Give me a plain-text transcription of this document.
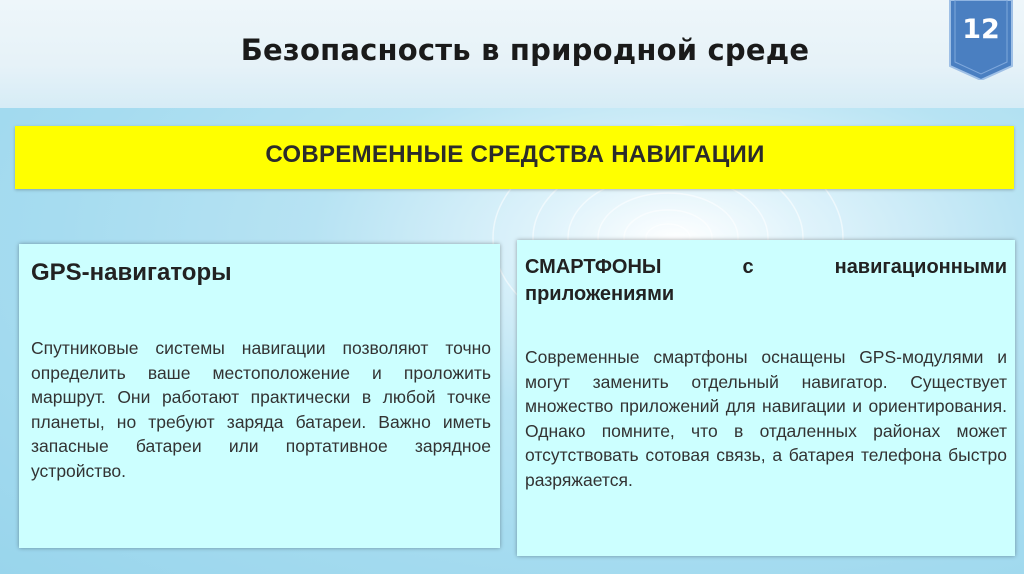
Безопасность в природной среде
12
СОВРЕМЕННЫЕ СРЕДСТВА НАВИГАЦИИ
GPS-навигаторы
Спутниковые системы навигации позволяют точно определить ваше местоположение и проложить маршрут. Они работают практически в любой точке планеты, но требуют заряда батареи. Важно иметь запасные батареи или портативное зарядное устройство.
СМАРТФОНЫ с навигационными приложениями
Современные смартфоны оснащены GPS-модулями и могут заменить отдельный навигатор. Существует множество приложений для навигации и ориентирования. Однако помните, что в отдаленных районах может отсутствовать сотовая связь, а батарея телефона быстро разряжается.
